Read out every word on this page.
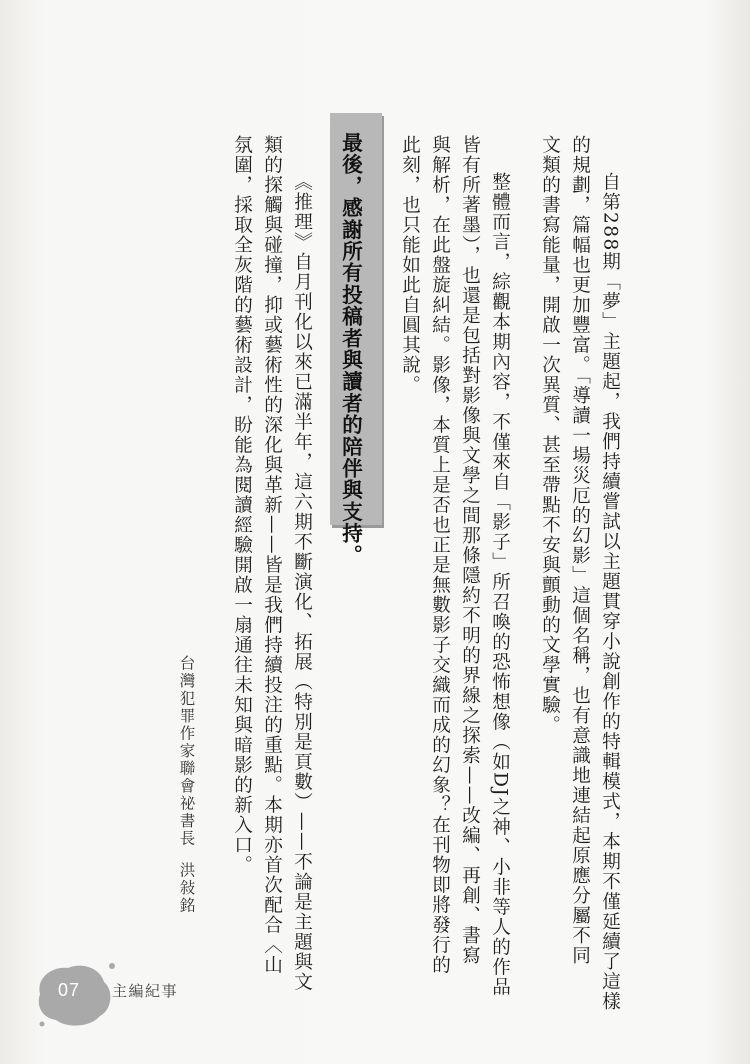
自第288期「夢」主題起，我們持續嘗試以主題貫穿小說創作的特輯模式，本期不僅延續了這樣
的規劃，篇幅也更加豐富。「導讀一場災厄的幻影」這個名稱，也有意識地連結起原應分屬不同
文類的書寫能量，開啟一次異質、甚至帶點不安與顫動的文學實驗。
整體而言，綜觀本期內容，不僅來自「影子」所召喚的恐怖想像（如DJ之神、小非等人的作品
皆有所著墨），也還是包括對影像與文學之間那條隱約不明的界線之探索——改編、再創、書寫
與解析，在此盤旋糾結。影像，本質上是否也正是無數影子交織而成的幻象？在刊物即將發行的
此刻，也只能如此自圓其說。
最後，感謝所有投稿者與讀者的陪伴與支持。
《推理》自月刊化以來已滿半年，這六期不斷演化、拓展（特別是頁數）——不論是主題與文
類的探觸與碰撞，抑或藝術性的深化與革新——皆是我們持續投注的重點。本期亦首次配合〈山
氛圍，採取全灰階的藝術設計，盼能為閱讀經驗開啟一扇通往未知與暗影的新入口。
台灣犯罪作家聯會祕書長
洪敍銘
07 主編紀事
